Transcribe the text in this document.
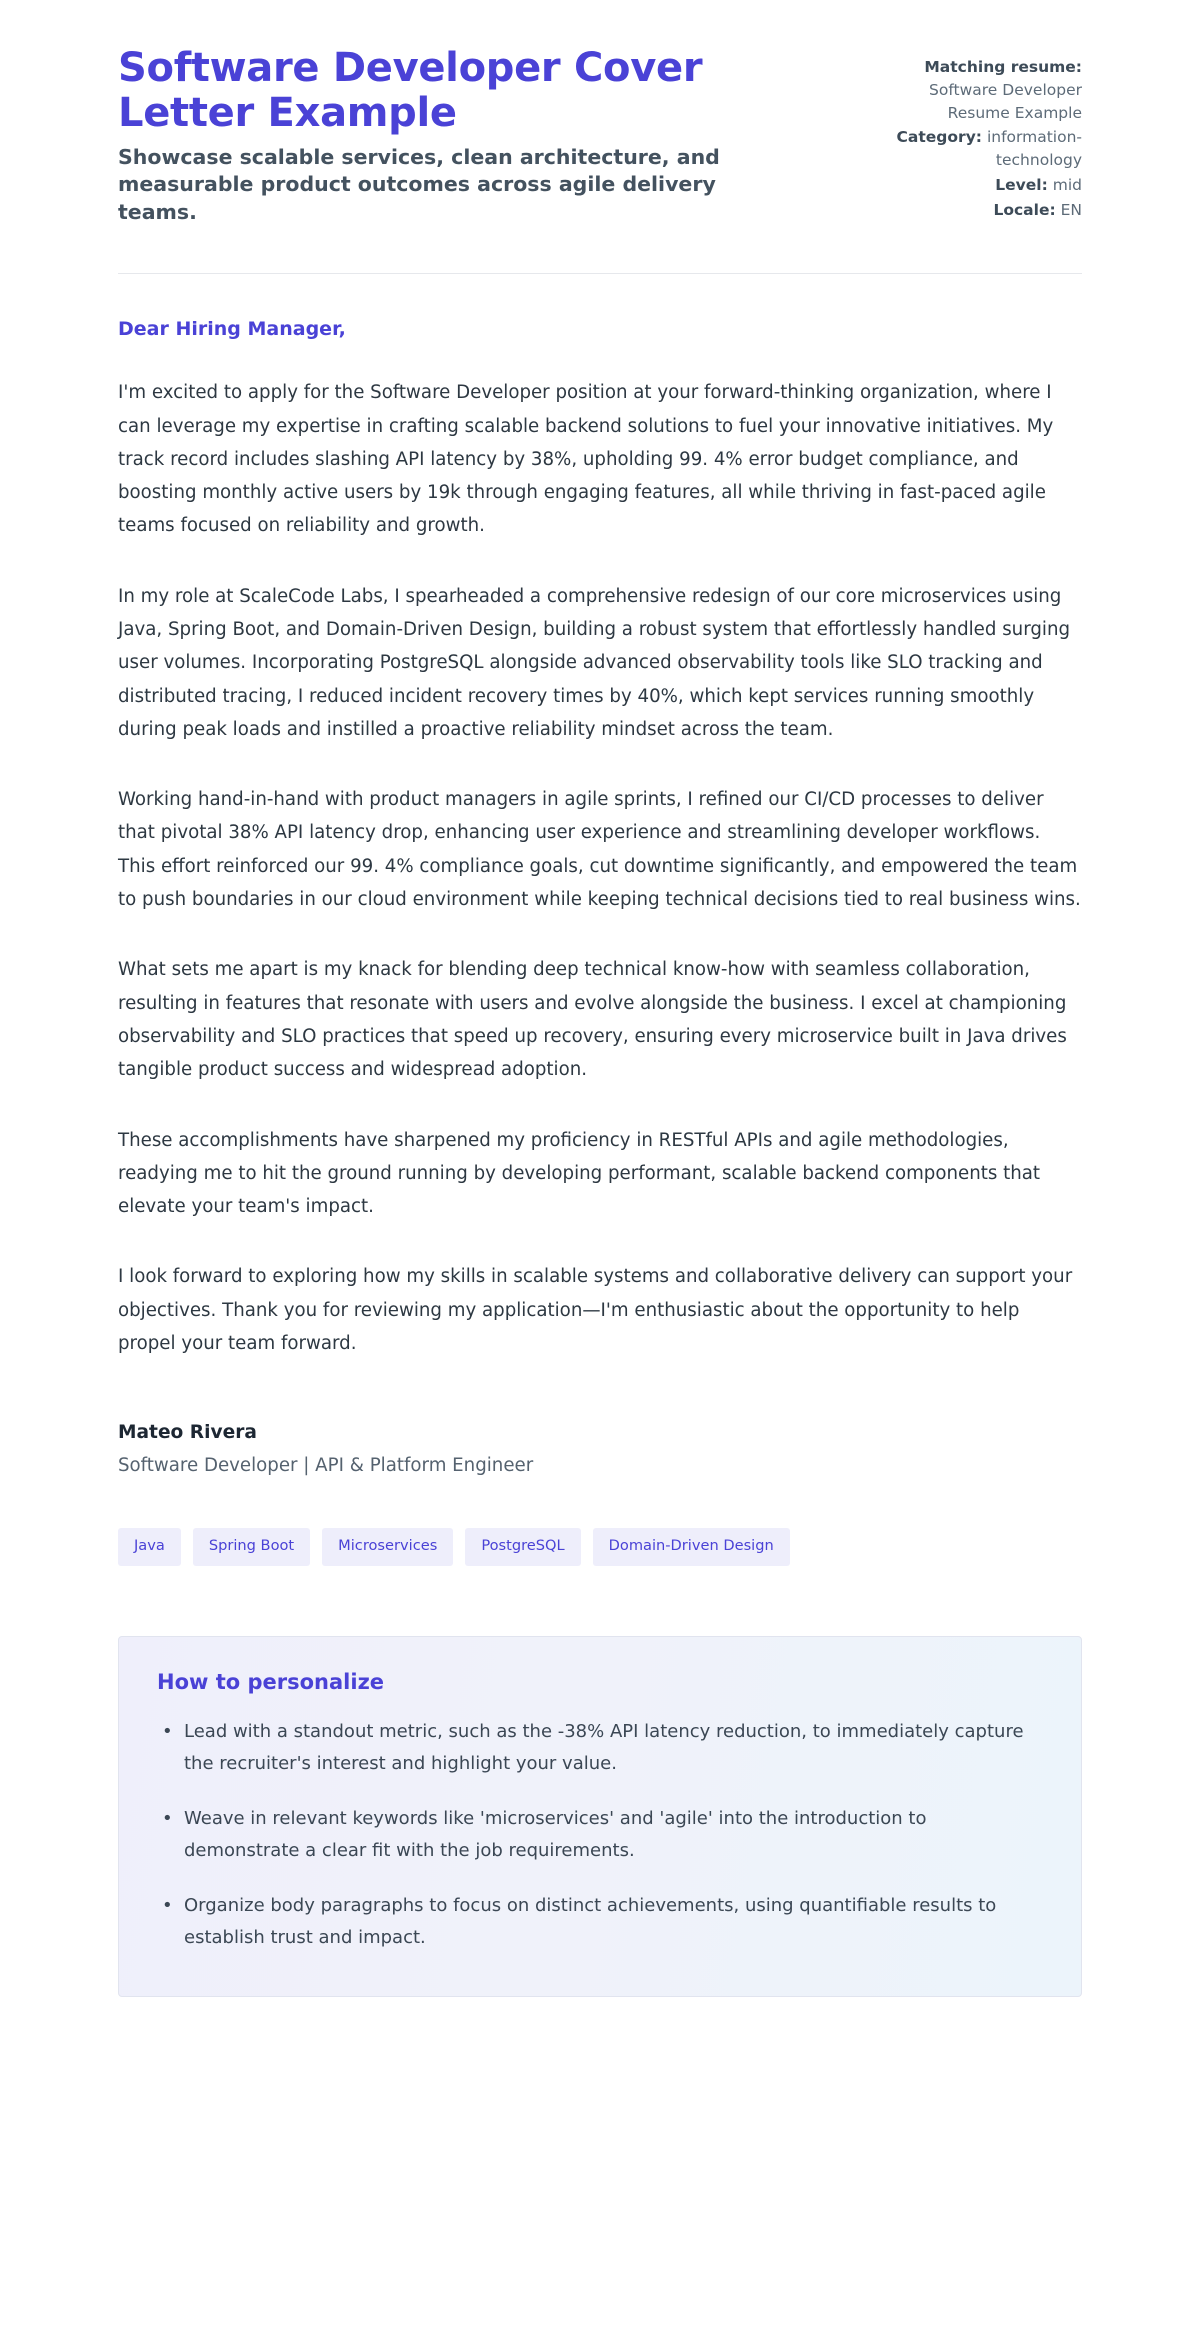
Software Developer Cover Letter Example

Showcase scalable services, clean architecture, and measurable product outcomes across agile delivery teams.

Matching resume: Software Developer Resume Example
Category: information-technology
Level: mid
Locale: EN

Dear Hiring Manager,

I'm excited to apply for the Software Developer position at your forward-thinking organization, where I can leverage my expertise in crafting scalable backend solutions to fuel your innovative initiatives. My track record includes slashing API latency by 38%, upholding 99. 4% error budget compliance, and boosting monthly active users by 19k through engaging features, all while thriving in fast-paced agile teams focused on reliability and growth.

In my role at ScaleCode Labs, I spearheaded a comprehensive redesign of our core microservices using Java, Spring Boot, and Domain-Driven Design, building a robust system that effortlessly handled surging user volumes. Incorporating PostgreSQL alongside advanced observability tools like SLO tracking and distributed tracing, I reduced incident recovery times by 40%, which kept services running smoothly during peak loads and instilled a proactive reliability mindset across the team.

Working hand-in-hand with product managers in agile sprints, I refined our CI/CD processes to deliver that pivotal 38% API latency drop, enhancing user experience and streamlining developer workflows. This effort reinforced our 99. 4% compliance goals, cut downtime significantly, and empowered the team to push boundaries in our cloud environment while keeping technical decisions tied to real business wins.

What sets me apart is my knack for blending deep technical know-how with seamless collaboration, resulting in features that resonate with users and evolve alongside the business. I excel at championing observability and SLO practices that speed up recovery, ensuring every microservice built in Java drives tangible product success and widespread adoption.

These accomplishments have sharpened my proficiency in RESTful APIs and agile methodologies, readying me to hit the ground running by developing performant, scalable backend components that elevate your team's impact.

I look forward to exploring how my skills in scalable systems and collaborative delivery can support your objectives. Thank you for reviewing my application—I'm enthusiastic about the opportunity to help propel your team forward.

Mateo Rivera

Software Developer | API & Platform Engineer

Java	Spring Boot	Microservices	PostgreSQL	Domain-Driven Design
How to personalize
• Lead with a standout metric, such as the -38% API latency reduction, to immediately capture the recruiter's interest and highlight your value.
• Weave in relevant keywords like 'microservices' and 'agile' into the introduction to demonstrate a clear fit with the job requirements.
• Organize body paragraphs to focus on distinct achievements, using quantifiable results to establish trust and impact.
